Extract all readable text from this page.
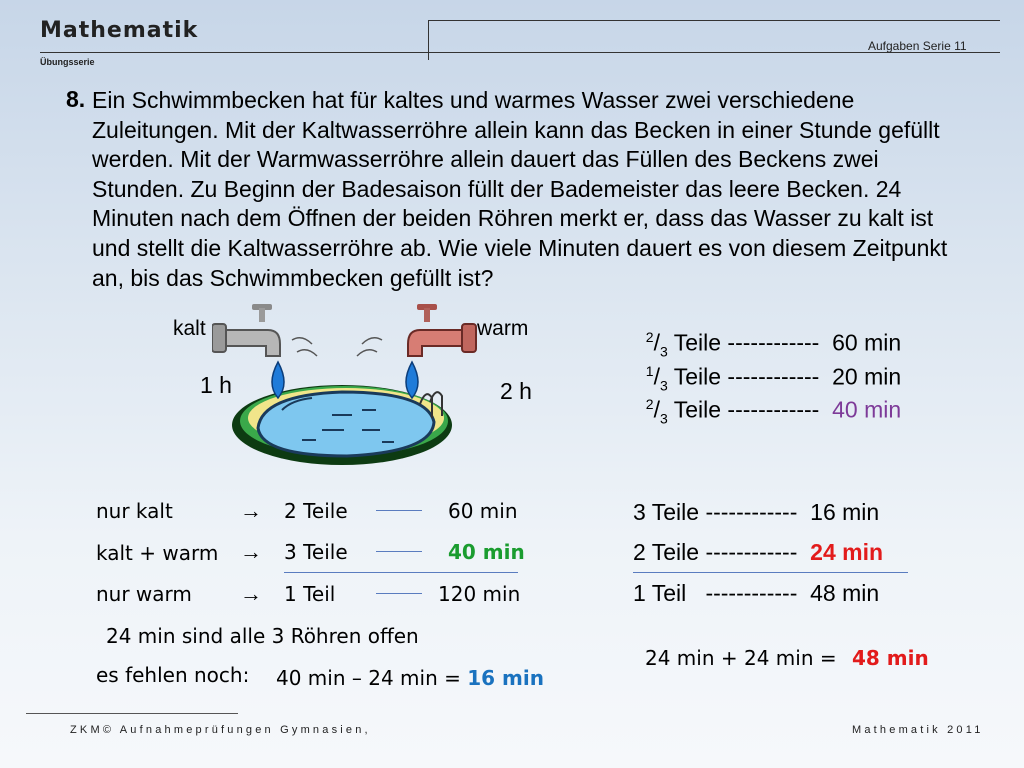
Mathematik
Übungsserie
Aufgaben Serie 11
8. Ein Schwimmbecken hat für kaltes und warmes Wasser zwei verschiedene Zuleitungen. Mit der Kaltwasserröhre allein kann das Becken in einer Stunde gefüllt werden. Mit der Warmwasserröhre allein dauert das Füllen des Beckens zwei Stunden. Zu Beginn der Badesaison füllt der Bademeister das leere Becken. 24 Minuten nach dem Öffnen der beiden Röhren merkt er, dass das Wasser zu kalt ist und stellt die Kaltwasserröhre ab. Wie viele Minuten dauert es von diesem Zeitpunkt an, bis das Schwimmbecken gefüllt ist?
kalt	warm
1 h	2 h

$^2/_3$ Teile ------------  60 min

$^1/_3$ Teile ------------  20 min

$^2/_3$ Teile ------------  40 min

nur kalt	→ 2 Teile	60 min
kalt + warm → 3 Teile	40 min
nur warm → 1 Teil	120 min
3 Teile ------------  16 min
2 Teile ------------  24 min
1 Teil   ------------  48 min
24 min sind alle 3 Röhren offen
es fehlen noch: 40 min – 24 min = 16 min
24 min + 24 min = 48 min
ZKM© Aufnahmeprüfungen Gymnasien,	Mathematik 2011
